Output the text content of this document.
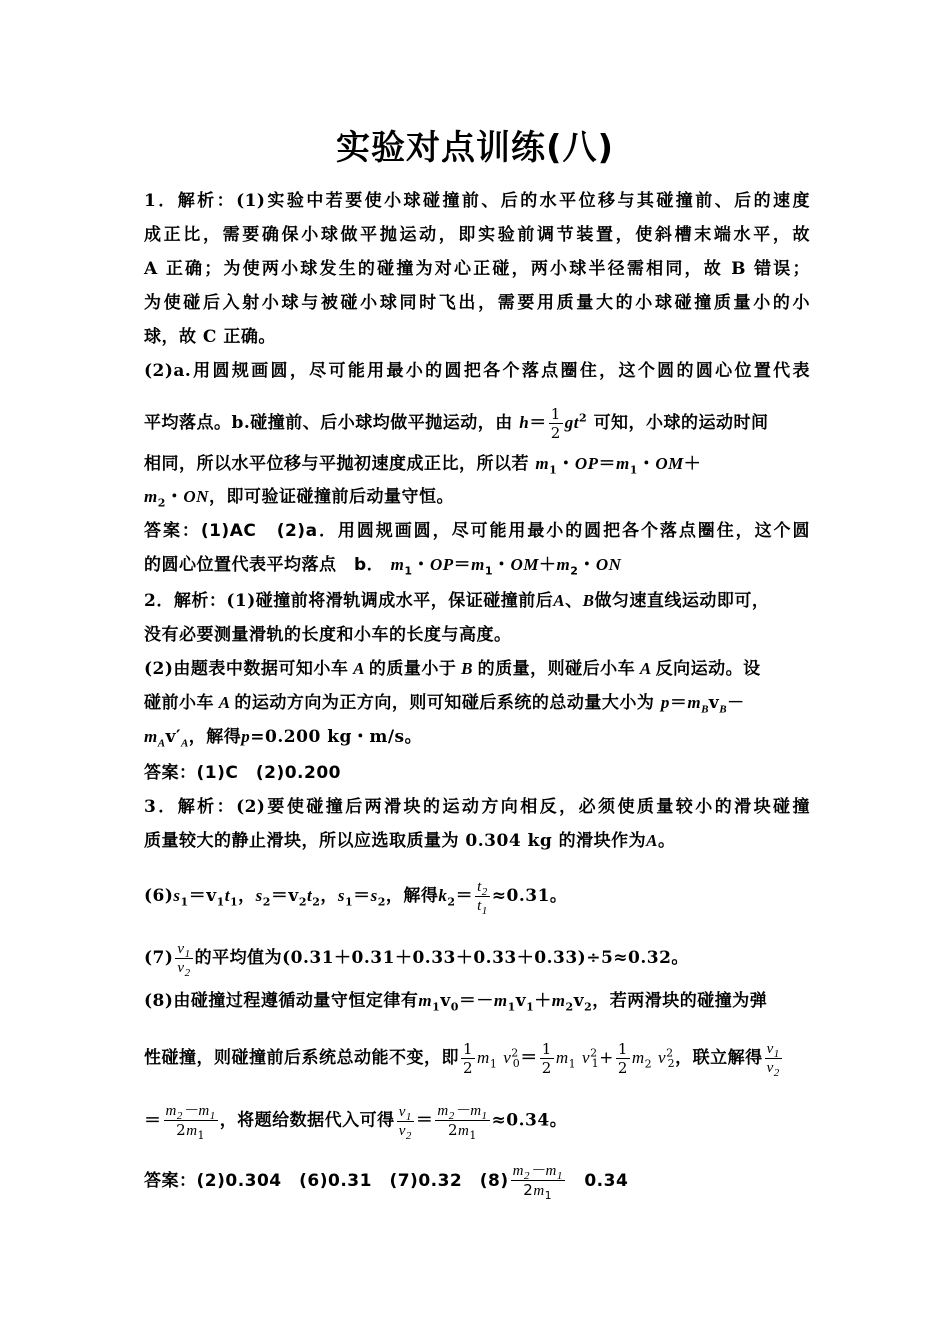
实验对点训练(八)
1．解析：(1)实验中若要使小球碰撞前、后的水平位移与其碰撞前、后的速度
成正比，需要确保小球做平抛运动，即实验前调节装置，使斜槽末端水平，故
A 正确；为使两小球发生的碰撞为对心正碰，两小球半径需相同，故 B 错误；
为使碰后入射小球与被碰小球同时飞出，需要用质量大的小球碰撞质量小的小
球，故 C 正确。
(2)a.用圆规画圆，尽可能用最小的圆把各个落点圈住，这个圆的圆心位置代表
平均落点。b.碰撞前、后小球均做平抛运动，由 $h= \frac{1}{2} gt^2$ 可知，小球的运动时间
相同，所以水平位移与平抛初速度成正比，所以若 $m_1$・$OP=m_1$・OM＋
$m_2$・ON，即可验证碰撞前后动量守恒。
答案：(1)AC　(2)a．用圆规画圆，尽可能用最小的圆把各个落点圈住，这个圆
的圆心位置代表平均落点　b． $m_1$・$OP=m_1$・$OM+m_2$・ON
2．解析：(1)碰撞前将滑轨调成水平，保证碰撞前后A、B做匀速直线运动即可，
没有必要测量滑轨的长度和小车的长度与高度。
(2)由题表中数据可知小车 A 的质量小于 B 的质量，则碰后小车 A 反向运动。设
碰前小车 A 的运动方向为正方向，则可知碰后系统的总动量大小为 $p=m_Bv_B-$
$m_Av'_A$，解得p=0.200 kg・m/s。
答案：(1)C　(2)0.200
3．解析：(2)要使碰撞后两滑块的运动方向相反，必须使质量较小的滑块碰撞
质量较大的静止滑块，所以应选取质量为 0.304 kg 的滑块作为A。
$(6)s_1=v_1t_1$，$s_2=v_2t_2$，$s_1=s_2$，解得$k_2= \frac{t_2}{t_1} \approx 0.31$。
$(7) \frac{v_1}{v_2}$ 的平均值为(0.31＋0.31＋0.33＋0.33＋0.33)÷5≈0.32。
(8)由碰撞过程遵循动量守恒定律有$m_1v_0=-m_1v_1+m_2v_2$，若两滑块的碰撞为弹
性碰撞，则碰撞前后系统总动能不变，即 $\frac{1}{2} m_1$ $v^2_0= \frac{1}{2} m_1$ $v^2_1+ \frac{1}{2} m_2$ $v^2_2$，联立解得 $\frac{v_1}{v_2}$
＝ $\frac{m_2-m_1}{2m_1}$ ，将题给数据代入可得 $\frac{v_1}{v_2} = \frac{m_2-m_1}{2m_1} \approx 0.34$。
答案：(2)0.304　(6)0.31　(7)0.32　$(8) \frac{m_2-m_1}{2m_1}$
　 0.34
